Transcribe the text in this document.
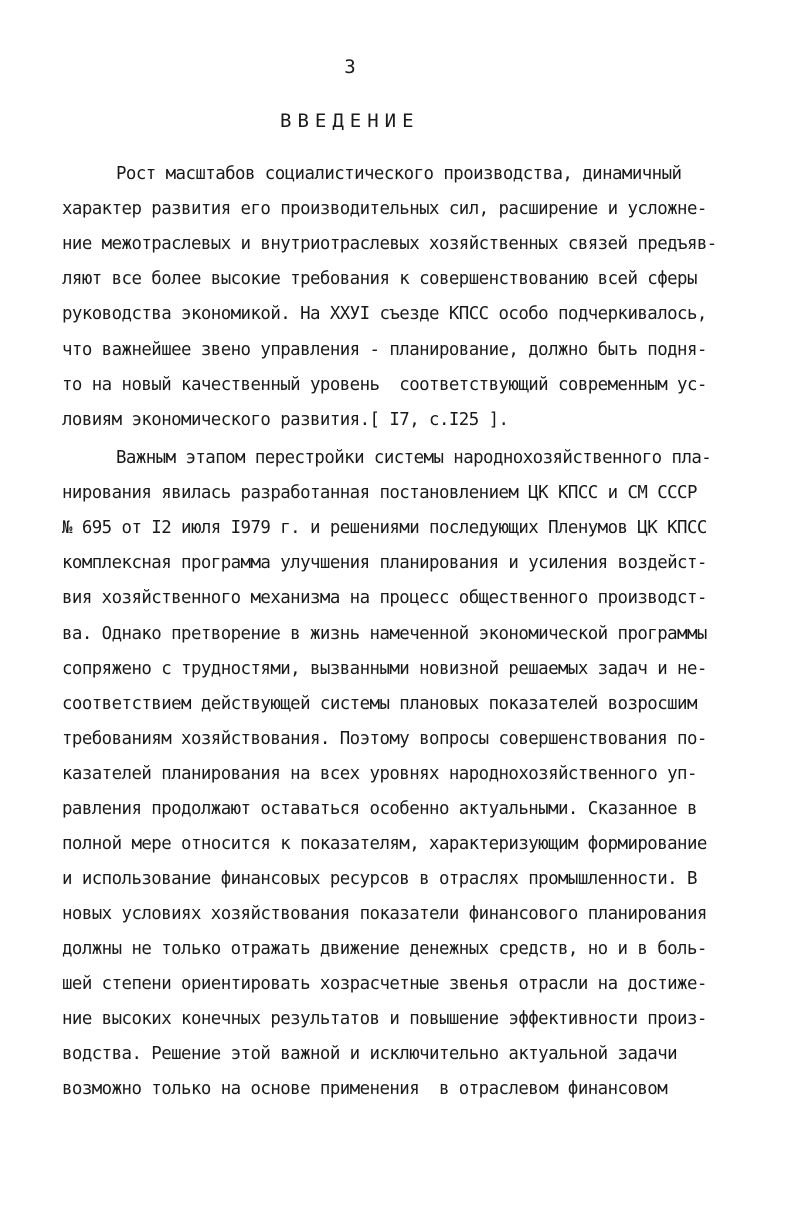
3
ВВЕДЕНИЕ
Рост масштабов социалистического производства, динамичный
характер развития его производительных сил, расширение и усложне-
ние межотраслевых и внутриотраслевых хозяйственных связей предъяв-
ляют все более высокие требования к совершенствованию всей сферы
руководства экономикой. На XXУI съезде КПСС особо подчеркивалось,
что важнейшее звено управления - планирование, должно быть подня-
то на новый качественный уровень  соответствующий современным ус-
ловиям экономического развития.[ I7, с.I25 ].
Важным этапом перестройки системы народнохозяйственного пла-
нирования явилась разработанная постановлением ЦК КПСС и СМ СССР
№ 695 от I2 июля I979 г. и решениями последующих Пленумов ЦК КПСС
комплексная программа улучшения планирования и усиления воздейст-
вия хозяйственного механизма на процесс общественного производст-
ва. Однако претворение в жизнь намеченной экономической программы
сопряжено с трудностями, вызванными новизной решаемых задач и не-
соответствием действующей системы плановых показателей возросшим
требованиям хозяйствования. Поэтому вопросы совершенствования по-
казателей планирования на всех уровнях народнохозяйственного уп-
равления продолжают оставаться особенно актуальными. Сказанное в
полной мере относится к показателям, характеризующим формирование
и использование финансовых ресурсов в отраслях промышленности. В
новых условиях хозяйствования показатели финансового планирования
должны не только отражать движение денежных средств, но и в боль-
шей степени ориентировать хозрасчетные звенья отрасли на достиже-
ние высоких конечных результатов и повышение эффективности произ-
водства. Решение этой важной и исключительно актуальной задачи
возможно только на основе применения  в отраслевом финансовом
